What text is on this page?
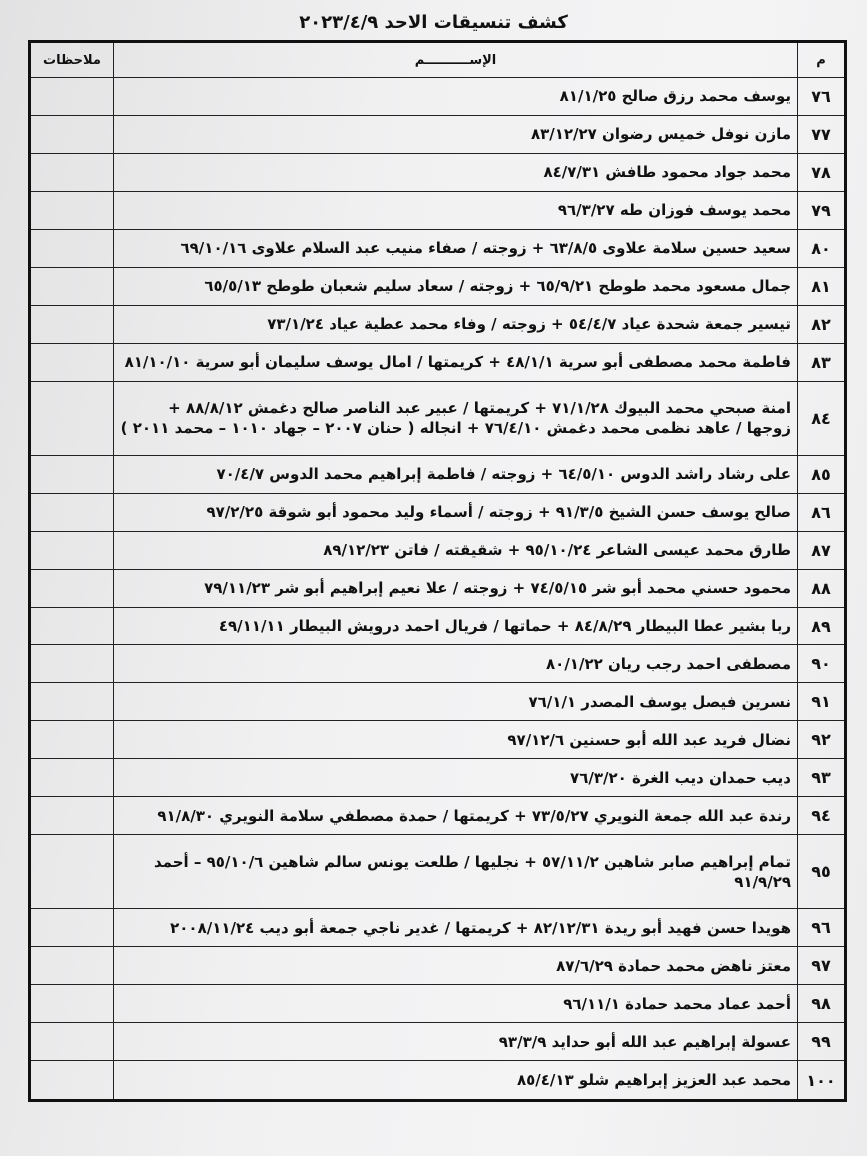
كشف تنسيقات الاحد ٢٠٢٣/٤/٩
م	الإســــــــــم	ملاحظات
٧٦	يوسف محمد رزق صالح ٨١/١/٢٥	
٧٧	مازن نوفل خميس رضوان ٨٣/١٢/٢٧	
٧٨	محمد جواد محمود طافش ٨٤/٧/٣١	
٧٩	محمد يوسف فوزان طه ٩٦/٣/٢٧	
٨٠	سعيد حسين سلامة علاوى ٦٣/٨/٥ + زوجته / صفاء منيب عبد السلام علاوى ٦٩/١٠/١٦	
٨١	جمال مسعود محمد طوطح ٦٥/٩/٢١ + زوجته / سعاد سليم شعبان طوطح ٦٥/٥/١٣	
٨٢	تيسير جمعة شحدة عياد ٥٤/٤/٧ + زوجته / وفاء محمد عطية عياد ٧٣/١/٢٤	
٨٣	فاطمة محمد مصطفى أبو سرية ٤٨/١/١ + كريمتها / امال يوسف سليمان أبو سرية ٨١/١٠/١٠	
٨٤	امنة صبحي محمد البيوك ٧١/١/٢٨ + كريمتها / عبير عبد الناصر صالح دغمش ٨٨/٨/١٢ + زوجها / عاهد نظمى محمد دغمش ٧٦/٤/١٠ + انجاله ( حنان ٢٠٠٧ – جهاد ١٠١٠ – محمد ٢٠١١ )	
٨٥	على رشاد راشد الدوس ٦٤/٥/١٠ + زوجته / فاطمة إبراهيم محمد الدوس ٧٠/٤/٧	
٨٦	صالح يوسف حسن الشيخ ٩١/٣/٥ + زوجته / أسماء وليد محمود أبو شوقة ٩٧/٢/٢٥	
٨٧	طارق محمد عيسى الشاعر ٩٥/١٠/٢٤ + شقيقته / فاتن ٨٩/١٢/٢٣	
٨٨	محمود حسني محمد أبو شر ٧٤/٥/١٥ + زوجته / علا نعيم إبراهيم أبو شر ٧٩/١١/٢٣	
٨٩	ربا بشير عطا البيطار ٨٤/٨/٢٩ + حماتها / فريال احمد درويش البيطار ٤٩/١١/١١	
٩٠	مصطفى احمد رجب ريان ٨٠/١/٢٢	
٩١	نسرين فيصل يوسف المصدر ٧٦/١/١	
٩٢	نضال فريد عبد الله أبو حسنين ٩٧/١٢/٦	
٩٣	ديب حمدان ديب الغرة ٧٦/٣/٢٠	
٩٤	رندة عبد الله جمعة النويري ٧٣/٥/٢٧ + كريمتها / حمدة مصطفي سلامة النويري ٩١/٨/٣٠	
٩٥	تمام إبراهيم صابر شاهين ٥٧/١١/٢ + نجليها / طلعت يونس سالم شاهين ٩٥/١٠/٦ – أحمد ٩١/٩/٢٩	
٩٦	هويدا حسن فهيد أبو ريدة ٨٢/١٢/٣١ + كريمتها / غدير ناجي جمعة أبو ديب ٢٠٠٨/١١/٢٤	
٩٧	معتز ناهض محمد حمادة ٨٧/٦/٢٩	
٩٨	أحمد عماد محمد حمادة ٩٦/١١/١	
٩٩	عسولة إبراهيم عبد الله أبو حدايد ٩٣/٣/٩	
١٠٠	محمد عبد العزيز إبراهيم شلو ٨٥/٤/١٣	
